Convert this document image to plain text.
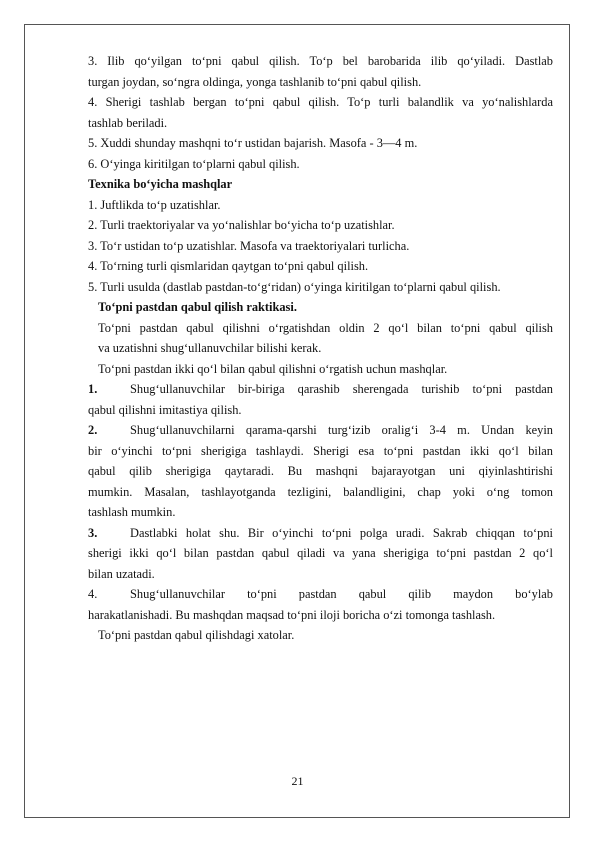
3. Ilib qo‘yilgan to‘pni qabul qilish. To‘p bel barobarida ilib qo‘yiladi. Dastlab

turgan joydan, so‘ngra oldinga, yonga tashlanib to‘pni qabul qilish.

4. Sherigi tashlab bergan to‘pni qabul qilish. To‘p turli balandlik va yo‘nalishlarda

tashlab beriladi.

5. Xuddi shunday mashqni to‘r ustidan bajarish. Masofa - 3—4 m.

6. O‘yinga kiritilgan to‘plarni qabul qilish.

Texnika bo‘yicha mashqlar

1. Juftlikda to‘p uzatishlar.

2. Turli traektoriyalar va yo‘nalishlar bo‘yicha to‘p uzatishlar.

3. To‘r ustidan to‘p uzatishlar. Masofa va traektoriyalari turlicha.

4. To‘rning turli qismlaridan qaytgan to‘pni qabul qilish.

5. Turli usulda (dastlab pastdan-to‘g‘ridan) o‘yinga kiritilgan to‘plarni qabul qilish.

To‘pni pastdan qabul qilish raktikasi.

To‘pni pastdan qabul qilishni o‘rgatishdan oldin 2 qo‘l bilan to‘pni qabul qilish

va uzatishni shug‘ullanuvchilar bilishi kerak.

To‘pni pastdan ikki qo‘l bilan qabul qilishni o‘rgatish uchun mashqlar.

1.	Shug‘ullanuvchilar bir-biriga qarashib sherengada turishib to‘pni pastdan

qabul qilishni imitastiya qilish.

2.	Shug‘ullanuvchilarni qarama-qarshi turg‘izib oralig‘i 3-4 m. Undan keyin

bir o‘yinchi to‘pni sherigiga tashlaydi. Sherigi esa to‘pni pastdan ikki qo‘l bilan

qabul qilib sherigiga qaytaradi. Bu mashqni bajarayotgan uni qiyinlashtirishi

mumkin. Masalan, tashlayotganda tezligini, balandligini, chap yoki o‘ng tomon

tashlash mumkin.

3.	Dastlabki holat shu. Bir o‘yinchi to‘pni polga uradi. Sakrab chiqqan to‘pni

sherigi ikki qo‘l bilan pastdan qabul qiladi va yana sherigiga to‘pni pastdan 2 qo‘l

bilan uzatadi.

4.	Shug‘ullanuvchilar to‘pni pastdan qabul qilib maydon bo‘ylab

harakatlanishadi. Bu mashqdan maqsad to‘pni iloji boricha o‘zi tomonga tashlash.

To‘pni pastdan qabul qilishdagi xatolar.

21
